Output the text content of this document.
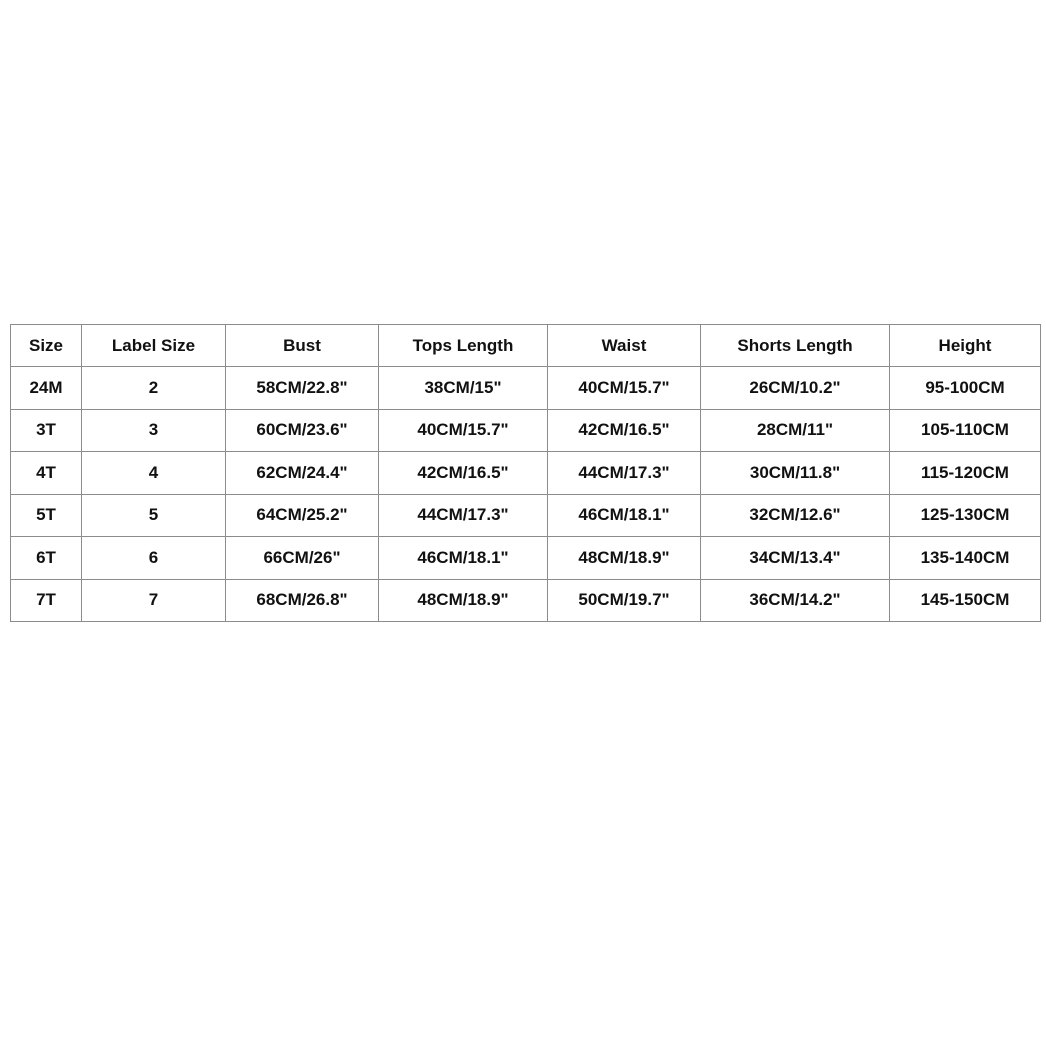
Size	Label Size	Bust	Tops Length	Waist	Shorts Length	Height
24M	2	58CM/22.8"	38CM/15"	40CM/15.7"	26CM/10.2"	95-100CM
3T	3	60CM/23.6"	40CM/15.7"	42CM/16.5"	28CM/11"	105-110CM
4T	4	62CM/24.4"	42CM/16.5"	44CM/17.3"	30CM/11.8"	115-120CM
5T	5	64CM/25.2"	44CM/17.3"	46CM/18.1"	32CM/12.6"	125-130CM
6T	6	66CM/26"	46CM/18.1"	48CM/18.9"	34CM/13.4"	135-140CM
7T	7	68CM/26.8"	48CM/18.9"	50CM/19.7"	36CM/14.2"	145-150CM
